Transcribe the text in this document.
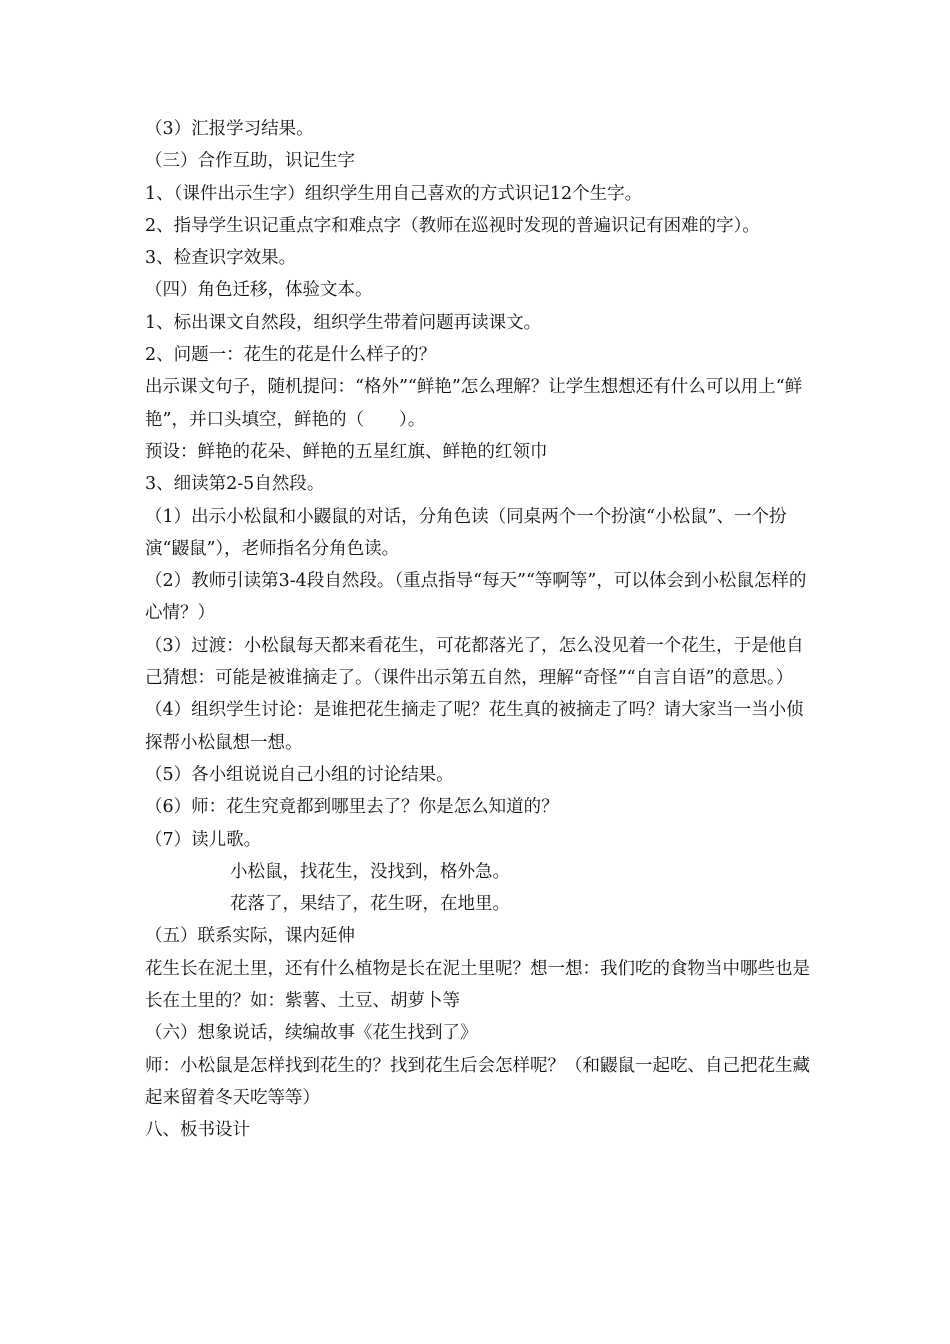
（3）汇报学习结果。

（三）合作互助，识记生字

1、（课件出示生字）组织学生用自己喜欢的方式识记12个生字。

2、指导学生识记重点字和难点字（教师在巡视时发现的普遍识记有困难的字）。

3、检查识字效果。

（四）角色迁移，体验文本。

1、标出课文自然段，组织学生带着问题再读课文。

2、问题一：花生的花是什么样子的？

出示课文句子，随机提问：“格外”“鲜艳”怎么理解？让学生想想还有什么可以用上“鲜艳”，并口头填空，鲜艳的（　　）。

预设：鲜艳的花朵、鲜艳的五星红旗、鲜艳的红领巾

3、细读第2-5自然段。

（1）出示小松鼠和小鼹鼠的对话，分角色读（同桌两个一个扮演“小松鼠”、一个扮演“鼹鼠”），老师指名分角色读。

（2）教师引读第3-4段自然段。（重点指导“每天”“等啊等”，可以体会到小松鼠怎样的心情？）

（3）过渡：小松鼠每天都来看花生，可花都落光了，怎么没见着一个花生，于是他自己猜想：可能是被谁摘走了。（课件出示第五自然，理解“奇怪”“自言自语”的意思。）

（4）组织学生讨论：是谁把花生摘走了呢？花生真的被摘走了吗？请大家当一当小侦探帮小松鼠想一想。

（5）各小组说说自己小组的讨论结果。

（6）师：花生究竟都到哪里去了？你是怎么知道的？

（7）读儿歌。

小松鼠，找花生，没找到，格外急。

花落了，果结了，花生呀，在地里。

（五）联系实际，课内延伸

花生长在泥土里，还有什么植物是长在泥土里呢？想一想：我们吃的食物当中哪些也是长在土里的？如：紫薯、土豆、胡萝卜等

（六）想象说话，续编故事《花生找到了》

师：小松鼠是怎样找到花生的？找到花生后会怎样呢？（和鼹鼠一起吃、自己把花生藏起来留着冬天吃等等）

八、板书设计
